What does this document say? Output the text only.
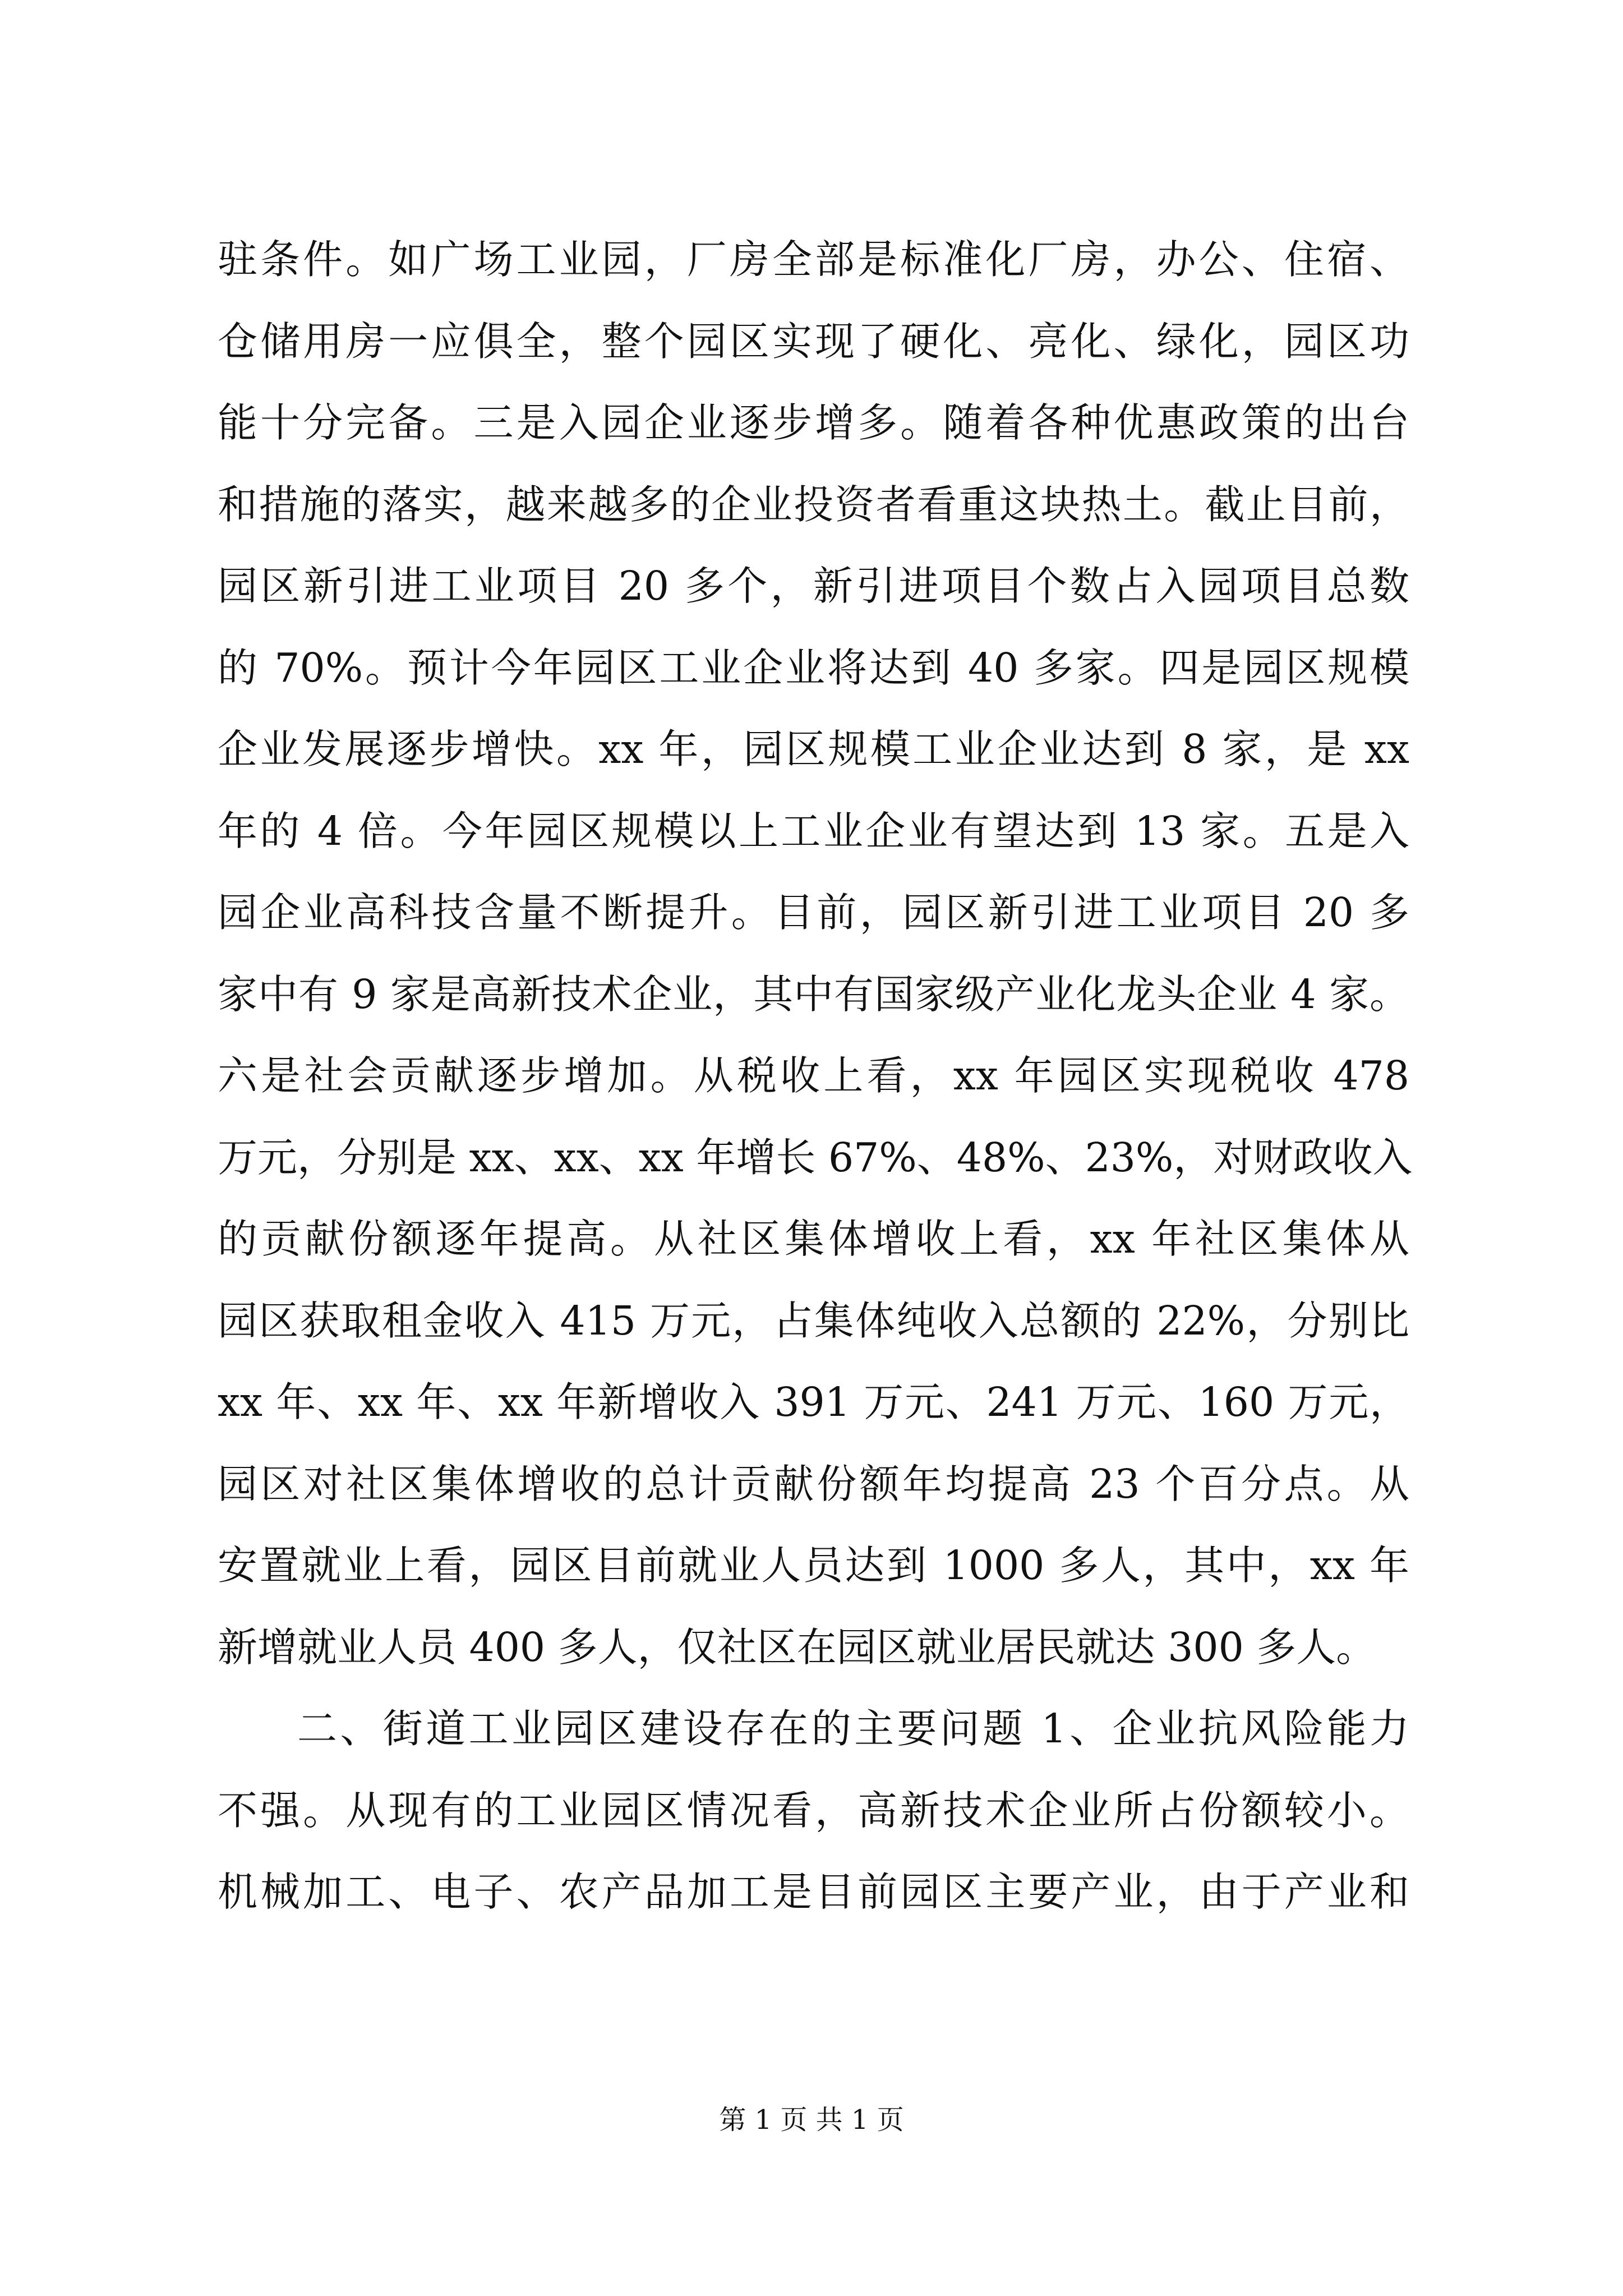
驻条件。如广场工业园，厂房全部是标准化厂房，办公、住宿、
仓储用房一应俱全，整个园区实现了硬化、亮化、绿化，园区功
能十分完备。三是入园企业逐步增多。随着各种优惠政策的出台
和措施的落实，越来越多的企业投资者看重这块热土。截止目前，
园区新引进工业项目 20 多个，新引进项目个数占入园项目总数
的 70%。预计今年园区工业企业将达到 40 多家。四是园区规模
企业发展逐步增快。xx 年，园区规模工业企业达到 8 家，是 xx
年的 4 倍。今年园区规模以上工业企业有望达到 13 家。五是入
园企业高科技含量不断提升。目前，园区新引进工业项目 20 多
家中有 9 家是高新技术企业，其中有国家级产业化龙头企业 4 家。
六是社会贡献逐步增加。从税收上看，xx 年园区实现税收 478
万元，分别是 xx、xx、xx 年增长 67%、48%、23%，对财政收入
的贡献份额逐年提高。从社区集体增收上看，xx 年社区集体从
园区获取租金收入 415 万元，占集体纯收入总额的 22%，分别比
xx 年、xx 年、xx 年新增收入 391 万元、241 万元、160 万元，
园区对社区集体增收的总计贡献份额年均提高 23 个百分点。从
安置就业上看，园区目前就业人员达到 1000 多人，其中，xx 年
新增就业人员 400 多人，仅社区在园区就业居民就达 300 多人。
二、街道工业园区建设存在的主要问题 1、企业抗风险能力
不强。从现有的工业园区情况看，高新技术企业所占份额较小。
机械加工、电子、农产品加工是目前园区主要产业，由于产业和
第 1 页 共 1 页
